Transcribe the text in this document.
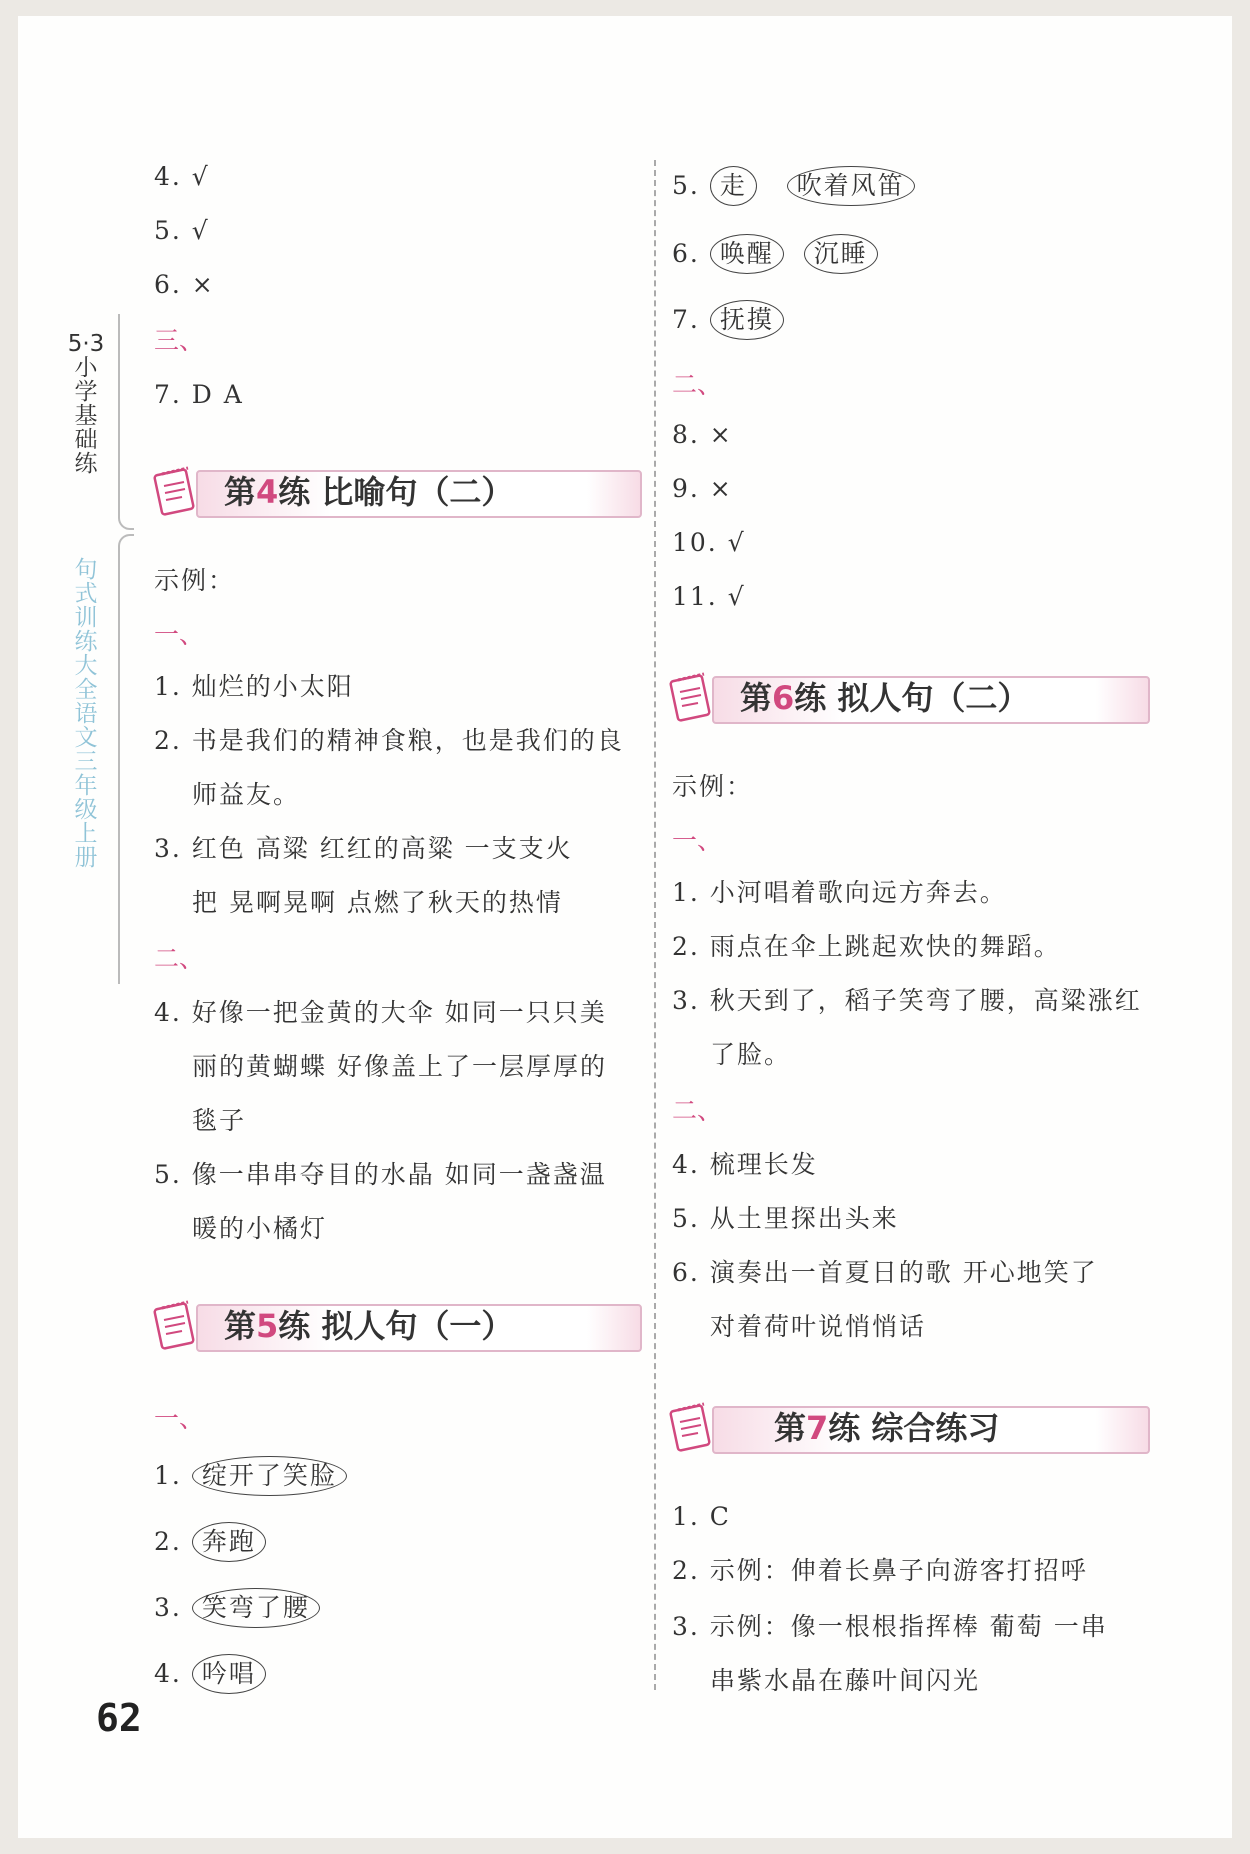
5·3小学基础练
句式训练大全 语文 三年级 上册
4. √
5. √
6. ×
三、
7. D A
第4练 比喻句（二）
示例：
一、
1. 灿烂的小太阳
2. 书是我们的精神食粮，也是我们的良
师益友。
3. 红色 高粱 红红的高粱 一支支火
把 晃啊晃啊 点燃了秋天的热情
二、
4. 好像一把金黄的大伞 如同一只只美
丽的黄蝴蝶 好像盖上了一层厚厚的
毯子
5. 像一串串夺目的水晶 如同一盏盏温
暖的小橘灯
第5练 拟人句（一）
一、
1. 绽开了笑脸
2. 奔跑
3. 笑弯了腰
4. 吟唱
5. 走 吹着风笛
6. 唤醒 沉睡
7. 抚摸
二、
8. ×
9. ×
10. √
11. √
第6练 拟人句（二）
示例：
一、
1. 小河唱着歌向远方奔去。
2. 雨点在伞上跳起欢快的舞蹈。
3. 秋天到了，稻子笑弯了腰，高粱涨红
了脸。
二、
4. 梳理长发
5. 从土里探出头来
6. 演奏出一首夏日的歌 开心地笑了
对着荷叶说悄悄话
第7练 综合练习
1. C
2. 示例：伸着长鼻子向游客打招呼
3. 示例：像一根根指挥棒 葡萄 一串
串紫水晶在藤叶间闪光
62
